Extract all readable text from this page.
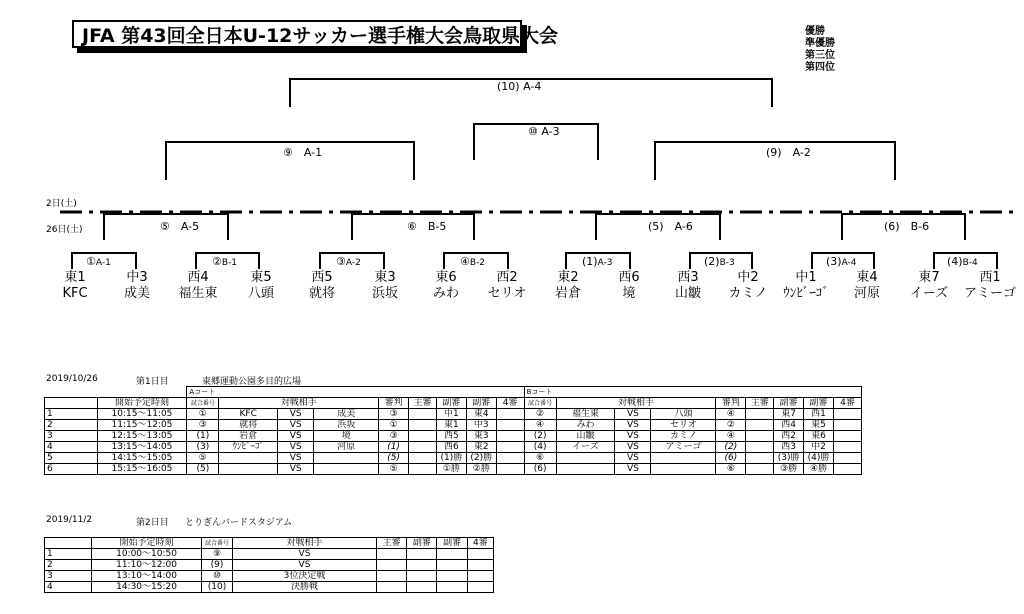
JFA 第43回全日本U-12サッカー選手権大会鳥取県大会	優勝
準優勝
第三位
第四位
2日(土)
26日(土)
(10) A-4
⑩ A-3
⑨　A-1	(9)　A-2
⑤　 A-5	⑥　 B-5	(5)　 A-6	(6)　 B-6
①A-1	②B-1	③A-2	④B-2	(1)A-3	(2)B-3	(3)A-4	(4)B-4
東1
KFC
中3
成美
西4
福生東
東5
八頭
西5
就将
東3
浜坂
東6
みわ
西2
セリオ
東2
岩倉
西6
境
西3
山皺
中2
カミノ
中1
ｳﾝﾋﾞｰｺﾞ
東4
河原
東7
イーズ
西1
アミーゴ
2019/10/26	第1日目	東郷運動公園多目的広場
		Aコート									Bコート								
	開始予定時刻	試合番号	対戦相手			審判	主審	副審	副審	4審	試合番号	対戦相手			審判	主審	副審	副審	4審
1	10:15～11:05	①	KFC	VS	成美	③		中1	東4		②	福生東	VS	八頭	④		東7	西1	
2	11:15～12:05	③	就将	VS	浜坂	①		東1	中3		④	みわ	VS	セリオ	②		西4	東5	
3	12:15～13:05	(1)	岩倉	VS	境	③		西5	東3		(2)	山皺	VS	カミノ	④		西2	東6	
4	13:15～14:05	(3)	ｳﾝﾋﾞｰｺﾞ	VS	河原	(1)		西6	東2		(4)	イーズ	VS	アミーゴ	(2)		西3	中2	
5	14:15～15:05	⑤		VS		(5)		(1)勝	(2)勝		⑥		VS		(6)		(3)勝	(4)勝	
6	15:15～16:05	(5)		VS		⑤		①勝	②勝		(6)		VS		⑥		③勝	④勝	
2019/11/2	第2日目 とりぎんバードスタジアム
	開始予定時刻	試合番号	対戦相手	主審	副審	副審	4審
1	10:00～10:50	⑨	VS				
2	11:10～12:00	(9)	VS				
3	13:10～14:00	⑩	3位決定戦				
4	14:30～15:20	(10)	決勝戦				
